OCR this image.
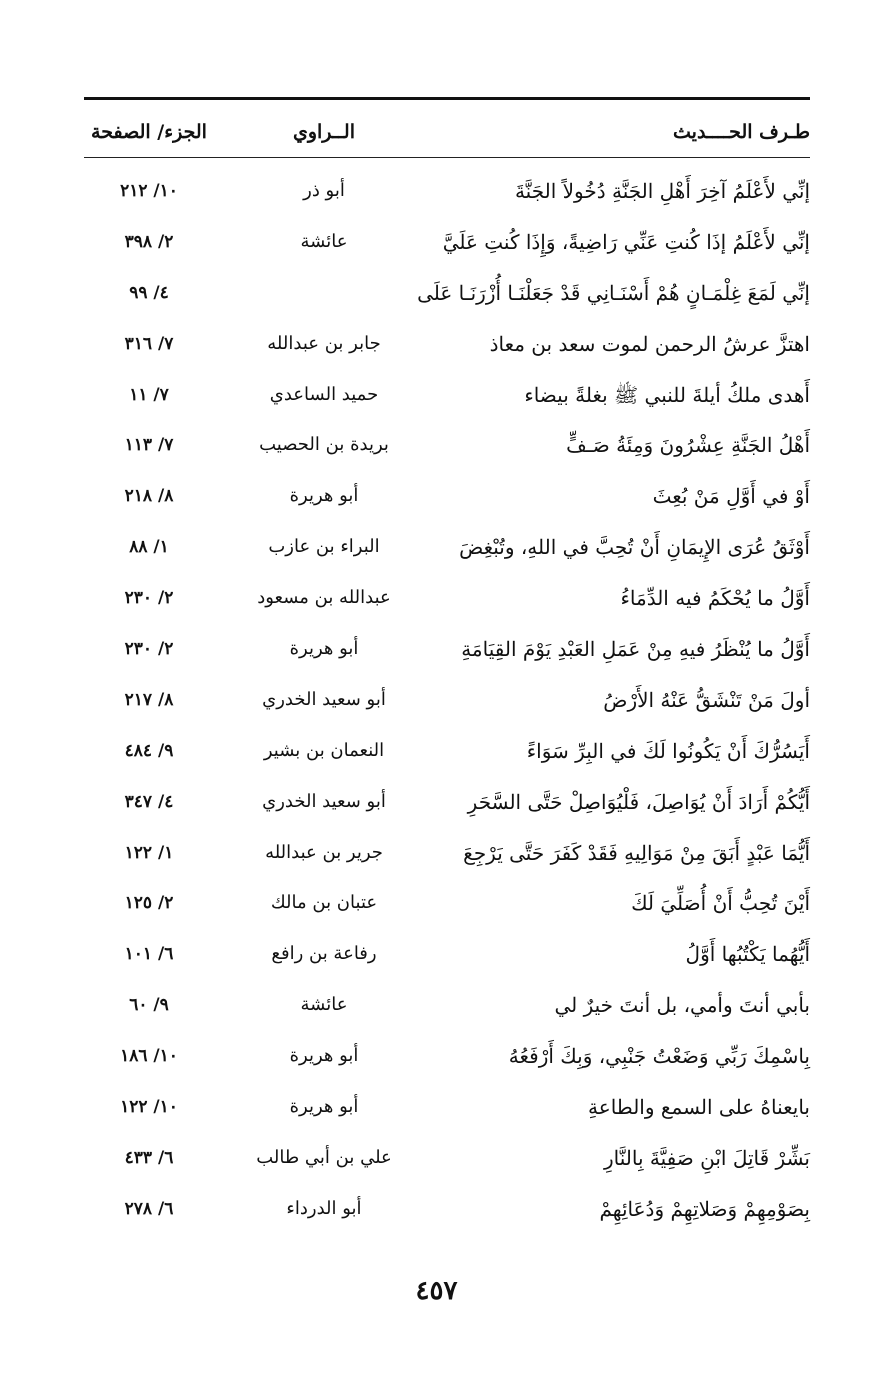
طـرف الحــــديث
الــراوي
الجزء/ الصفحة
إنِّي لأَعْلَمُ آخِرَ أَهْلِ الجَنَّةِ دُخُولاً الجَنَّةَ
أبو ذر
١٠/ ٢١٢
إنِّي لأَعْلَمُ إذَا كُنتِ عَنِّي رَاضِيةً، وَإِذَا كُنتِ عَلَيَّ
عائشة
٢/ ٣٩٨
إنِّي لَمَعَ غِلْمَـانٍ هُمْ أَسْنَـانِي قَدْ جَعَلْنَـا أُزْرَنَـا عَلَى
٤/ ٩٩
اهتزَّ عرشُ الرحمن لموت سعد بن معاذ
جابر بن عبدالله
٧/ ٣١٦
أَهدى ملكُ أيلةَ للنبي ﷺ بغلةً بيضاء
حميد الساعدي
٧/ ١١
أَهْلُ الجَنَّةِ عِشْرُونَ وَمِئَةُ صَـفٍّ
بريدة بن الحصيب
٧/ ١١٣
أَوْ في أَوَّلِ مَنْ بُعِثَ
أبو هريرة
٨/ ٢١٨
أَوْثَقُ عُرَى الإِيمَانِ أَنْ تُحِبَّ في اللهِ، وتُبْغِضَ
البراء بن عازب
١/ ٨٨
أَوَّلُ ما يُحْكَمُ فيه الدِّمَاءُ
عبدالله بن مسعود
٢/ ٢٣٠
أَوَّلُ ما يُنْظَرُ فيهِ مِنْ عَمَلِ العَبْدِ يَوْمَ القِيَامَةِ
أبو هريرة
٢/ ٢٣٠
أولَ مَنْ تَنْشَقُّ عَنْهُ الأَرْضُ
أبو سعيد الخدري
٨/ ٢١٧
أَيَسُرُّكَ أَنْ يَكُونُوا لَكَ في البِرِّ سَوَاءً
النعمان بن بشير
٩/ ٤٨٤
أَيُّكُمْ أَرَادَ أَنْ يُوَاصِلَ، فَلْيُوَاصِلْ حَتَّى السَّحَرِ
أبو سعيد الخدري
٤/ ٣٤٧
أَيُّمَا عَبْدٍ أَبَقَ مِنْ مَوَالِيهِ فَقَدْ كَفَرَ حَتَّى يَرْجِعَ
جرير بن عبدالله
١/ ١٢٢
أَيْنَ تُحِبُّ أَنْ أُصَلِّيَ لَكَ
عتبان بن مالك
٢/ ١٢٥
أَيُّهُما يَكْتُبُها أَوَّلُ
رفاعة بن رافع
٦/ ١٠١
بأبي أنتَ وأمي، بل أنتَ خيرٌ لي
عائشة
٩/ ٦٠
بِاسْمِكَ رَبِّي وَضَعْتُ جَنْبِي، وَبِكَ أَرْفَعُهُ
أبو هريرة
١٠/ ١٨٦
بايعناهُ على السمع والطاعةِ
أبو هريرة
١٠/ ١٢٢
بَشِّرْ قَاتِلَ ابْنِ صَفِيَّةَ بِالنَّارِ
علي بن أبي طالب
٦/ ٤٣٣
بِصَوْمِهِمْ وَصَلاتِهِمْ وَدُعَائِهِمْ
أبو الدرداء
٦/ ٢٧٨
٤٥٧
